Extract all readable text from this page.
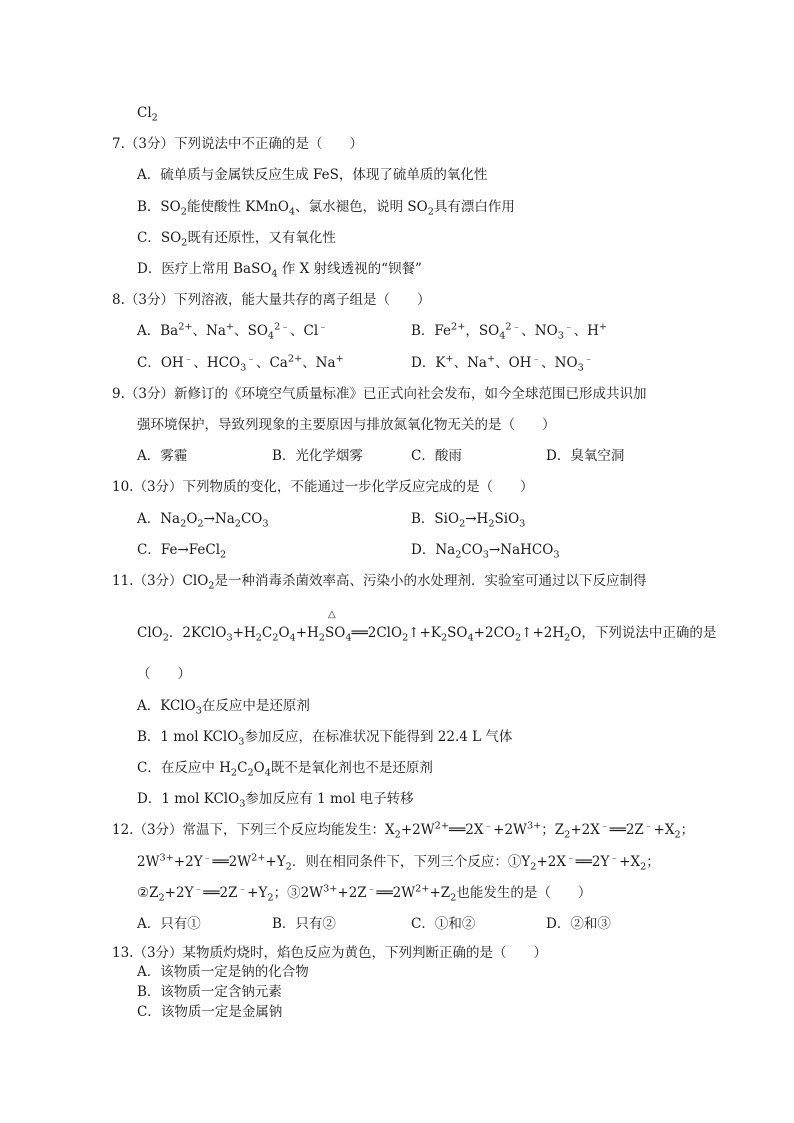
$Cl_2$
7.（3分）下列说法中不正确的是（　　）
A．硫单质与金属铁反应生成 FeS，体现了硫单质的氧化性
B．$SO_2$能使酸性 KMnO$_4$、氯水褪色，说明 $SO_2$具有漂白作用
C．$SO_2$既有还原性，又有氧化性
D．医疗上常用 BaSO$_4$ 作 X 射线透视的“钡餐”
8.（3分）下列溶液，能大量共存的离子组是（　　）
A．$Ba^{2+}$、Na+、$SO_4^{2﹣}$、Cl﹣	B．$Fe^{2+}$，$SO_4^{2﹣}$、$NO_3^﹣$、H+
C．OH﹣、$HCO_3^﹣$、$Ca^{2+}$、Na+	D．K+、Na+、OH﹣、$NO_3^﹣$
9.（3分）新修订的《环境空气质量标准》已正式向社会发布，如今全球范围已形成共识加
强环境保护，导致列现象的主要原因与排放氮氧化物无关的是（　　）
A．雾霾	B．光化学烟雾	C．酸雨	D．臭氧空洞
10.（3分）下列物质的变化，不能通过一步化学反应完成的是（　　）
A．$Na_2O_2\to Na_2CO_3$	B．$SiO_2\to H_2SiO_3$
C．Fe→FeCl$_2$	D．$Na_2CO_3\to NaHCO_3$
11.（3分）ClO$_2$是一种消毒杀菌效率高、污染小的水处理剂．实验室可通过以下反应制得
△
ClO$_2$．$2KClO_3+H_2C_2O_4+H_2SO_4══2ClO_2↑+K_2SO_4+2CO_2↑+2H_2O$，下列说法中正确的是
（　　）
A．KClO$_3$在反应中是还原剂
B．1 mol KClO$_3$参加反应，在标准状况下能得到 22.4 L 气体
C．在反应中 $H_2C_2O_4$既不是氧化剂也不是还原剂
D．1 mol KClO$_3$参加反应有 1 mol 电子转移
12.（3分）常温下，下列三个反应均能发生：$X_2+2W^{2+}══2X^﹣+2W^{3+}$；$Z_2+2X^﹣══2Z^﹣+X_2$；
$2W^{3+}+2Y^﹣══2W^{2+}+Y_2$．则在相同条件下，下列三个反应：$①Y_2+2X^﹣══2Y^﹣+X_2$；
$②Z_2+2Y^﹣══2Z^﹣+Y_2$；$③2W^{3+}+2Z^﹣══2W^{2+}+Z_2$也能发生的是（　　）
A．只有①	B．只有②	C．①和②	D．②和③
13.（3分）某物质灼烧时，焰色反应为黄色，下列判断正确的是（　　）
A．该物质一定是钠的化合物
B．该物质一定含钠元素
C．该物质一定是金属钠
